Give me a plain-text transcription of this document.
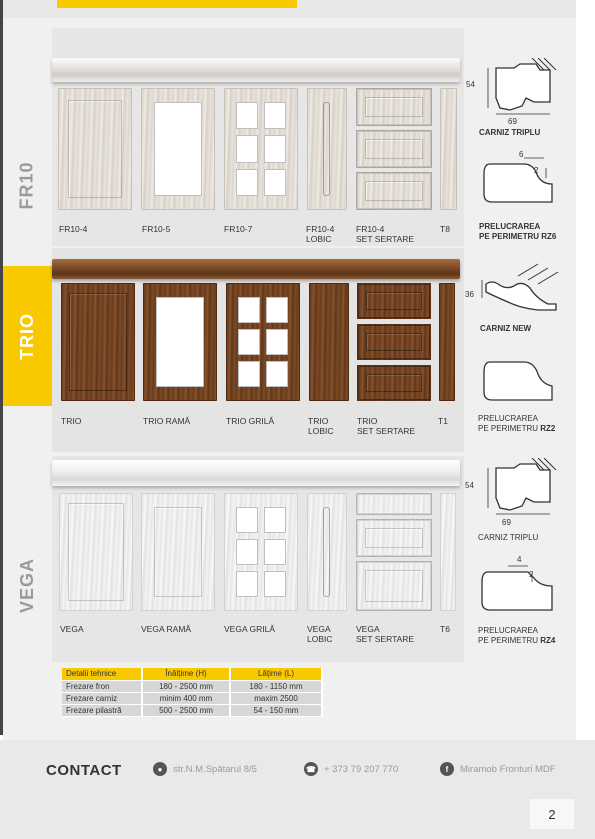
FR10
TRIO
VEGA
FR10-4	FR10-5	FR10-7	FR10-4
LOBIC
FR10-4
SET SERTARE
T8
TRIO	TRIO RAMĂ	TRIO GRILĂ	TRIO
LOBIC
TRIO
SET SERTARE
T1
VEGA	VEGA RAMĂ	VEGA GRILĂ	VEGA
LOBIC
VEGA
SET SERTARE
T6
54
69
CARNIZ TRIPLU
6
2
PRELUCRAREA
PE PERIMETRU RZ6
36
CARNIZ NEW
PRELUCRAREA
PE PERIMETRU RZ2
54
69
CARNIZ TRIPLU
4
2
PRELUCRAREA
PE PERIMETRU RZ4
Detalii tehnice	Înălțime (H)	Lățime (L)
Frezare fron	180 - 2500 mm	180 - 1150 mm
Frezare carniz	minim 400 mm	maxim 2500
Frezare pilastră	500 - 2500 mm	54 - 150 mm
CONTACT	●	str.N.M.Spătarul 8/5	☎ + 373 79 207 770	f	Miramob Fronturi MDF
2
